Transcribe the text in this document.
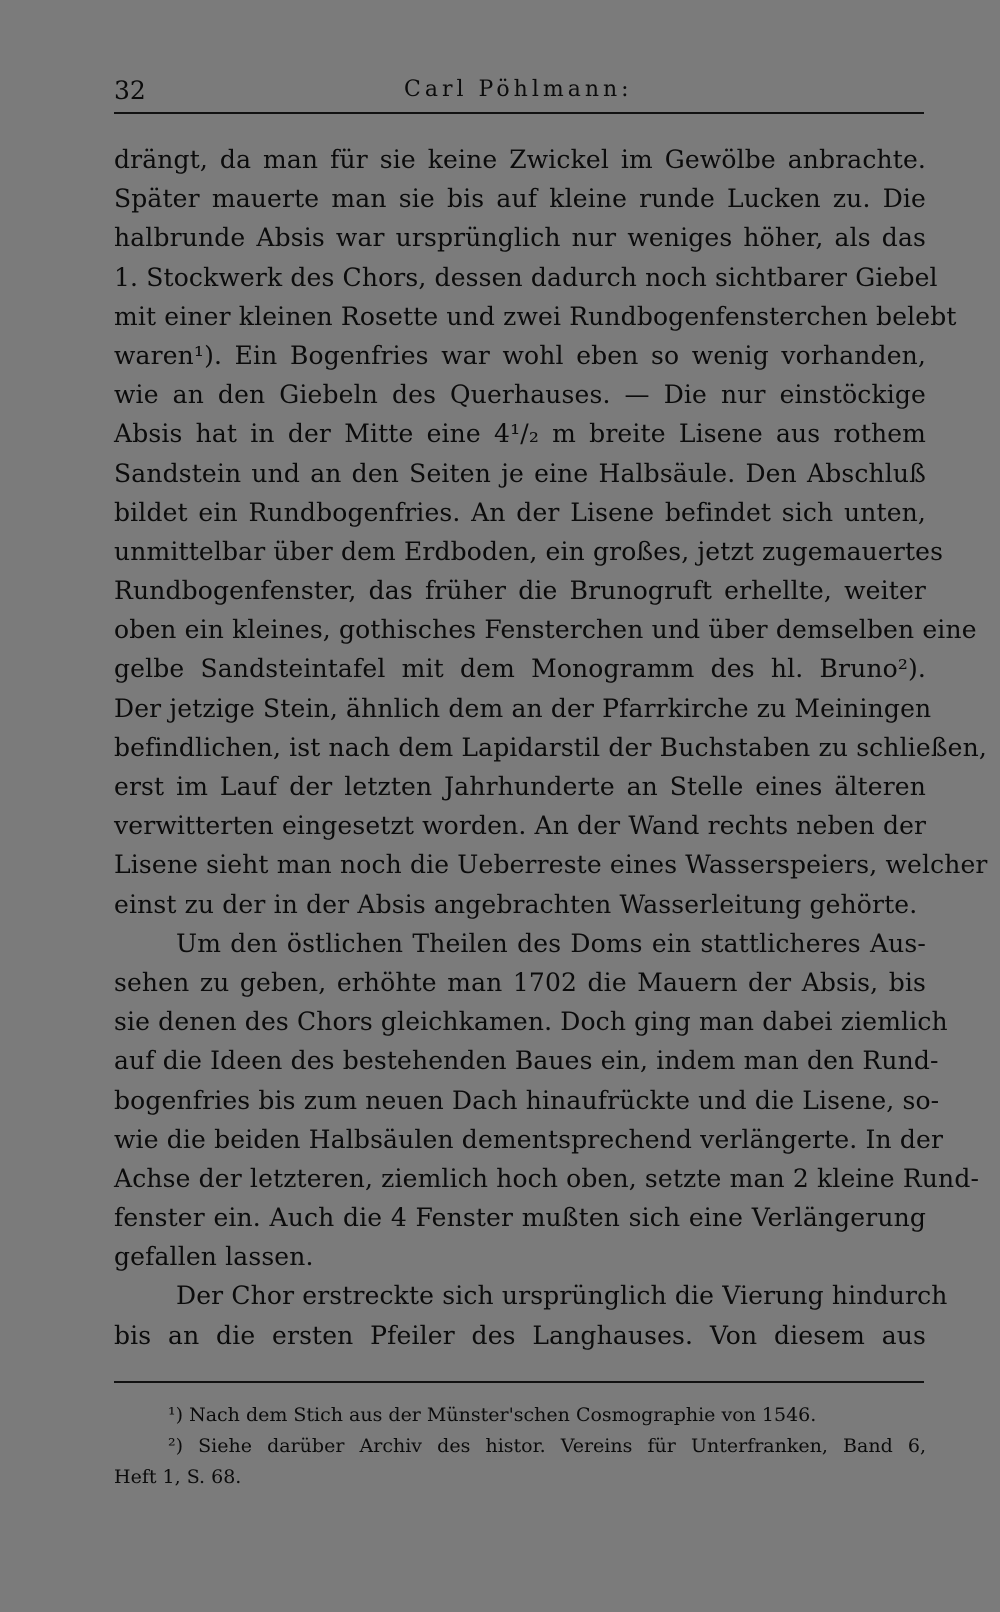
32	Carl Pöhlmann:
drängt, da man für sie keine Zwickel im Gewölbe anbrachte.
Später mauerte man sie bis auf kleine runde Lucken zu. Die
halbrunde Absis war ursprünglich nur weniges höher, als das
1. Stockwerk des Chors, dessen dadurch noch sichtbarer Giebel
mit einer kleinen Rosette und zwei Rundbogenfensterchen belebt
waren¹). Ein Bogenfries war wohl eben so wenig vorhanden,
wie an den Giebeln des Querhauses. — Die nur einstöckige
Absis hat in der Mitte eine 4¹/₂ m breite Lisene aus rothem
Sandstein und an den Seiten je eine Halbsäule. Den Abschluß
bildet ein Rundbogenfries. An der Lisene befindet sich unten,
unmittelbar über dem Erdboden, ein großes, jetzt zugemauertes
Rundbogenfenster, das früher die Brunogruft erhellte, weiter
oben ein kleines, gothisches Fensterchen und über demselben eine
gelbe Sandsteintafel mit dem Monogramm des hl. Bruno²).
Der jetzige Stein, ähnlich dem an der Pfarrkirche zu Meiningen
befindlichen, ist nach dem Lapidarstil der Buchstaben zu schließen,
erst im Lauf der letzten Jahrhunderte an Stelle eines älteren
verwitterten eingesetzt worden. An der Wand rechts neben der
Lisene sieht man noch die Ueberreste eines Wasserspeiers, welcher
einst zu der in der Absis angebrachten Wasserleitung gehörte.
Um den östlichen Theilen des Doms ein stattlicheres Aus-
sehen zu geben, erhöhte man 1702 die Mauern der Absis, bis
sie denen des Chors gleichkamen. Doch ging man dabei ziemlich
auf die Ideen des bestehenden Baues ein, indem man den Rund-
bogenfries bis zum neuen Dach hinaufrückte und die Lisene, so-
wie die beiden Halbsäulen dementsprechend verlängerte. In der
Achse der letzteren, ziemlich hoch oben, setzte man 2 kleine Rund-
fenster ein. Auch die 4 Fenster mußten sich eine Verlängerung
gefallen lassen.
Der Chor erstreckte sich ursprünglich die Vierung hindurch
bis an die ersten Pfeiler des Langhauses. Von diesem aus
¹) Nach dem Stich aus der Münster'schen Cosmographie von 1546.
²) Siehe darüber Archiv des histor. Vereins für Unterfranken, Band 6,
Heft 1, S. 68.
